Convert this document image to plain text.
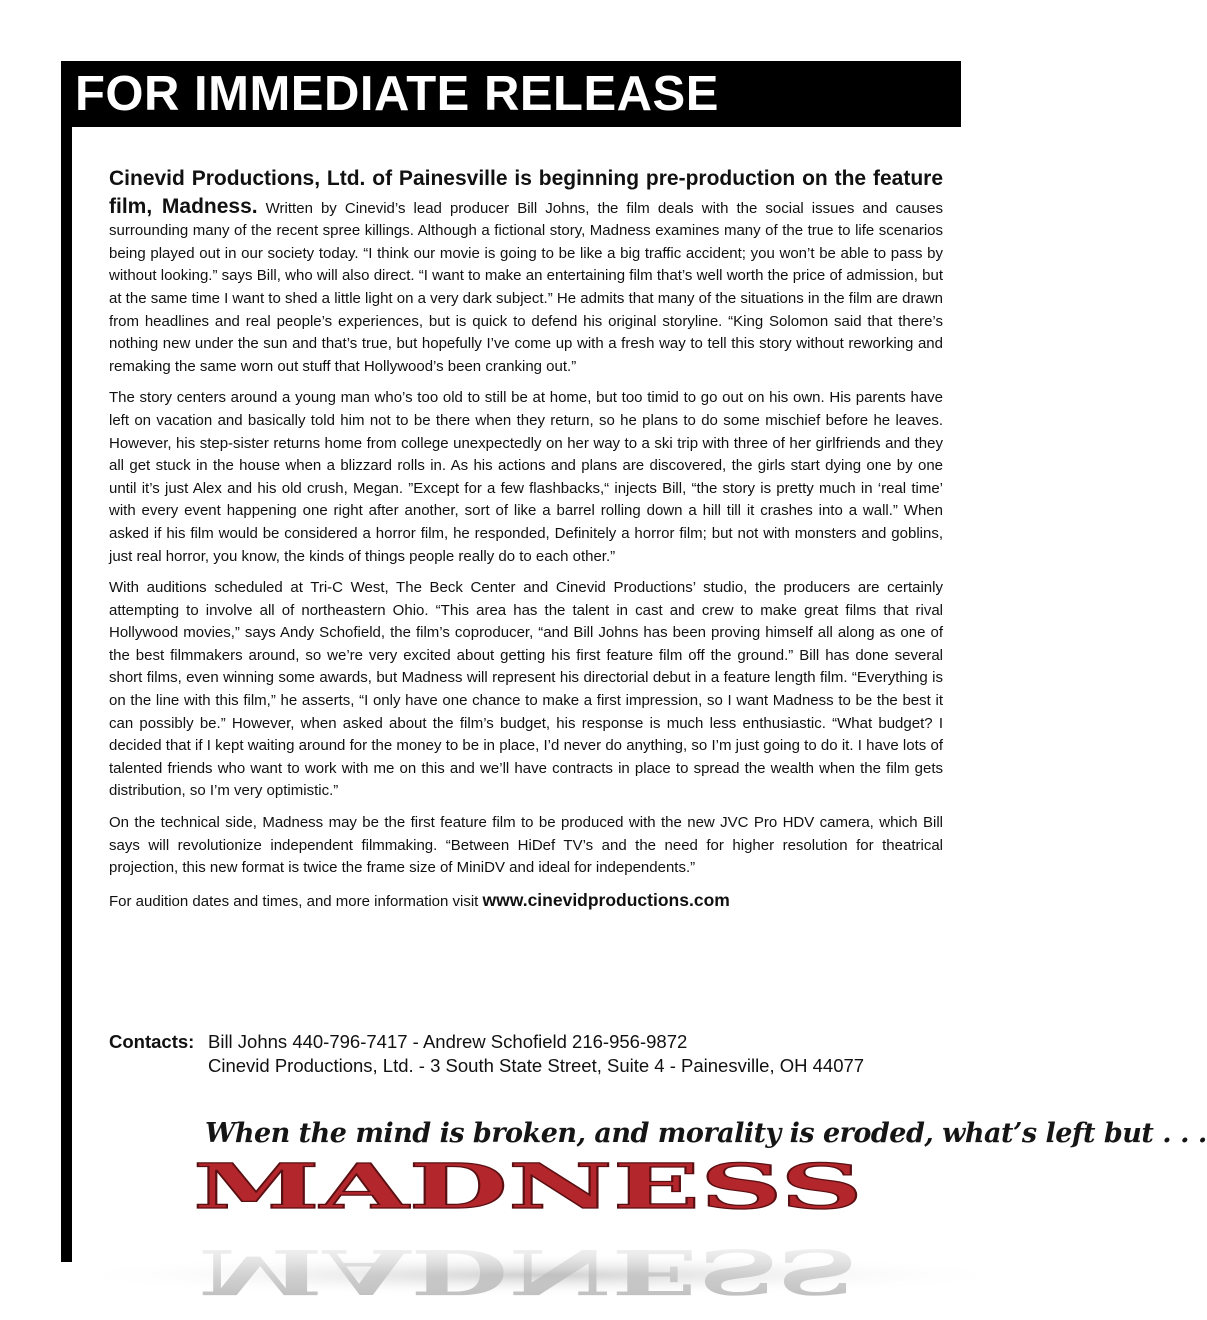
FOR IMMEDIATE RELEASE

Cinevid Productions, Ltd. of Painesville is beginning pre-production on the feature film, Madness. Written by Cinevid’s lead producer Bill Johns, the film deals with the social issues and causes surrounding many of the recent spree killings. Although a fictional story, Madness examines many of the true to life scenarios being played out in our society today. “I think our movie is going to be like a big traffic accident; you won’t be able to pass by without looking.” says Bill, who will also direct. “I want to make an entertaining film that’s well worth the price of admission, but at the same time I want to shed a little light on a very dark subject.” He admits that many of the situations in the film are drawn from headlines and real people’s experiences, but is quick to defend his original storyline. “King Solomon said that there’s nothing new under the sun and that’s true, but hopefully I’ve come up with a fresh way to tell this story without reworking and remaking the same worn out stuff that Hollywood’s been cranking out.”

The story centers around a young man who’s too old to still be at home, but too timid to go out on his own. His parents have left on vacation and basically told him not to be there when they return, so he plans to do some mischief before he leaves. However, his step-sister returns home from college unexpectedly on her way to a ski trip with three of her girlfriends and they all get stuck in the house when a blizzard rolls in. As his actions and plans are discovered, the girls start dying one by one until it’s just Alex and his old crush, Megan. ”Except for a few flashbacks,“ injects Bill, “the story is pretty much in ‘real time’ with every event happening one right after another, sort of like a barrel rolling down a hill till it crashes into a wall.” When asked if his film would be considered a horror film, he responded, Definitely a horror film; but not with monsters and goblins, just real horror, you know, the kinds of things people really do to each other.”

With auditions scheduled at Tri-C West, The Beck Center and Cinevid Productions’ studio, the producers are certainly attempting to involve all of northeastern Ohio. “This area has the talent in cast and crew to make great films that rival Hollywood movies,” says Andy Schofield, the film’s coproducer, “and Bill Johns has been proving himself all along as one of the best filmmakers around, so we’re very excited about getting his first feature film off the ground.” Bill has done several short films, even winning some awards, but Madness will represent his directorial debut in a feature length film. “Everything is on the line with this film,” he asserts, “I only have one chance to make a first impression, so I want Madness to be the best it can possibly be.” However, when asked about the film’s budget, his response is much less enthusiastic. “What budget? I decided that if I kept waiting around for the money to be in place, I’d never do anything, so I’m just going to do it. I have lots of talented friends who want to work with me on this and we’ll have contracts in place to spread the wealth when the film gets distribution, so I’m very optimistic.”

On the technical side, Madness may be the first feature film to be produced with the new JVC Pro HDV camera, which Bill says will revolutionize independent filmmaking. “Between HiDef TV’s and the need for higher resolution for theatrical projection, this new format is twice the frame size of MiniDV and ideal for independents.”

For audition dates and times, and more information visit www.cinevidproductions.com

Contacts: Bill Johns 440-796-7417 - Andrew Schofield 216-956-9872
Cinevid Productions, Ltd. - 3 South State Street, Suite 4 - Painesville, OH 44077
When the mind is broken, and morality is eroded, what’s left but . . .
MADNESS
MADNESS
